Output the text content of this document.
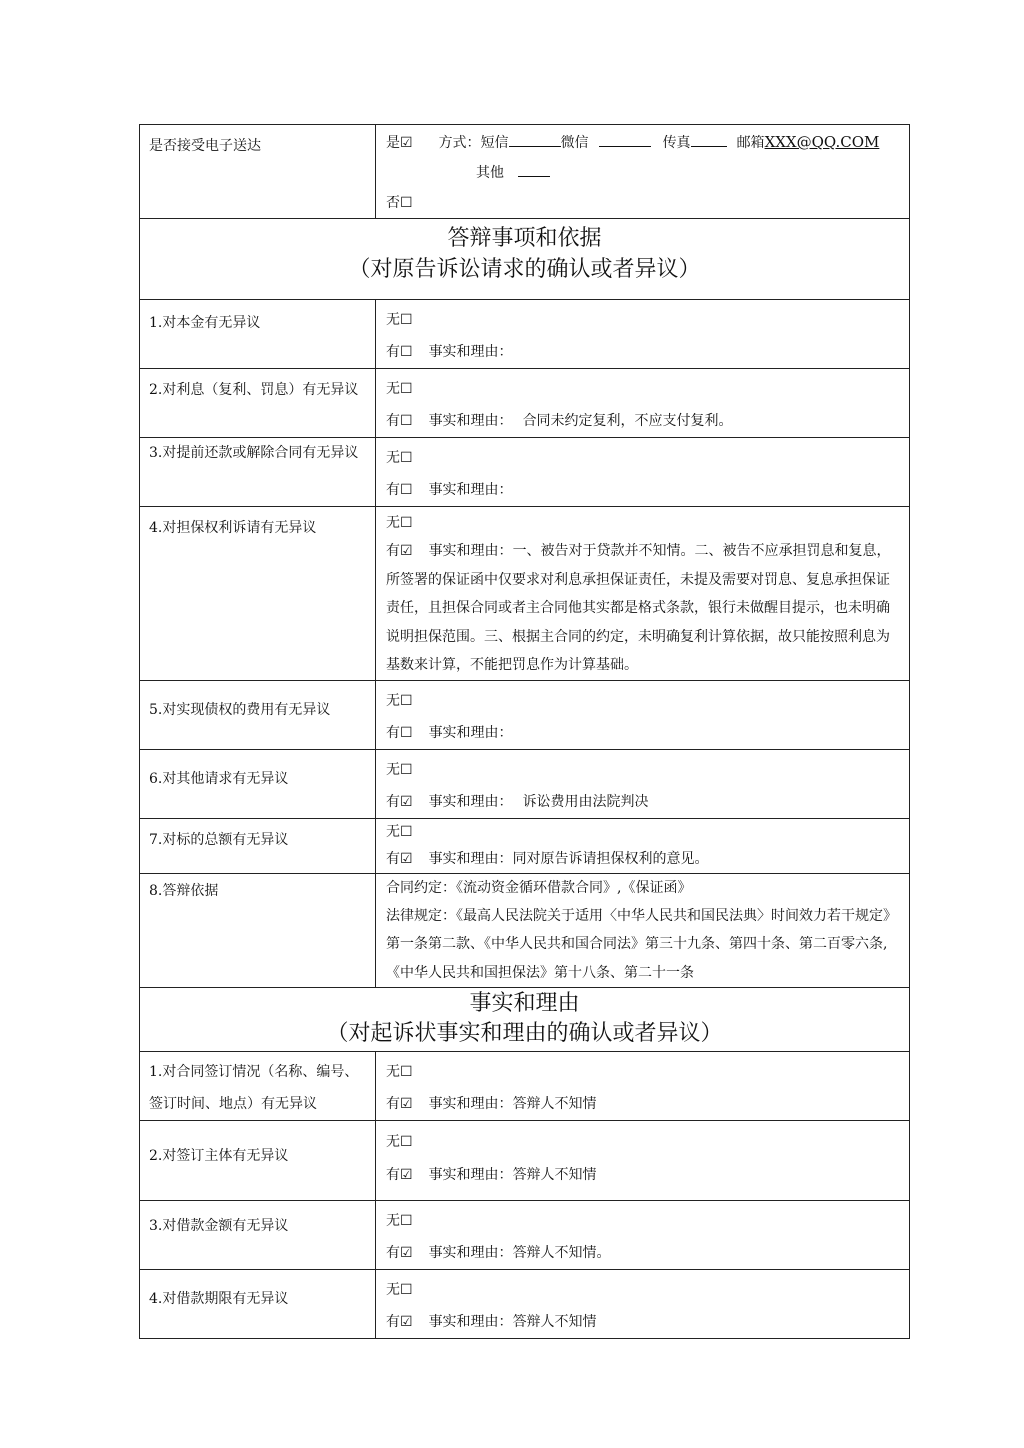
是否接受电子送达	是☑ 方式：短信 微信 传真 邮箱XXX@QQ.COM
其他
否☐

答辩事项和依据
（对原告诉讼请求的确认或者异议）	

1.对本金有无异议	无☐
有☐ 事实和理由：

2.对利息（复利、罚息）有无异议	无☐
有☐ 事实和理由： 合同未约定复利，不应支付复利。

3.对提前还款或解除合同有无异议	无☐
有☐ 事实和理由：

4.对担保权利诉请有无异议	无☐
有☑ 事实和理由：一、被告对于贷款并不知情。二、被告不应承担罚息和复息，所签署的保证函中仅要求对利息承担保证责任，未提及需要对罚息、复息承担保证责任，且担保合同或者主合同他其实都是格式条款，银行未做醒目提示，也未明确说明担保范围。三、根据主合同的约定，未明确复利计算依据，故只能按照利息为基数来计算，不能把罚息作为计算基础。

5.对实现债权的费用有无异议	无☐
有☐ 事实和理由：

6.对其他请求有无异议	无☐
有☑ 事实和理由： 诉讼费用由法院判决

7.对标的总额有无异议	无☐
有☑ 事实和理由：同对原告诉请担保权利的意见。

8.答辩依据	合同约定：《流动资金循环借款合同》,《保证函》
法律规定：《最高人民法院关于适用〈中华人民共和国民法典〉时间效力若干规定》第一条第二款、《中华人民共和国合同法》第三十九条、第四十条、第二百零六条,《中华人民共和国担保法》第十八条、第二十一条

事实和理由
（对起诉状事实和理由的确认或者异议）	

1.对合同签订情况（名称、编号、签订时间、地点）有无异议	无☐
有☑ 事实和理由：答辩人不知情

2.对签订主体有无异议	无☐
有☑ 事实和理由：答辩人不知情

3.对借款金额有无异议	无☐
有☑ 事实和理由：答辩人不知情。

4.对借款期限有无异议	无☐
有☑ 事实和理由：答辩人不知情
